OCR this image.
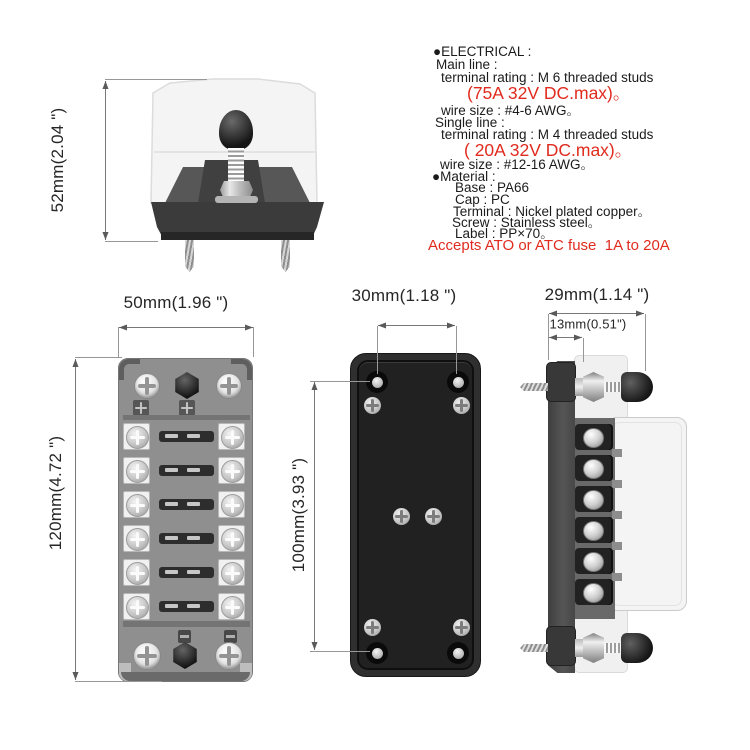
52mm(2.04 ")
50mm(1.96 ")
120mm(4.72 ")
30mm(1.18 ")
100mm(3.93 ")
29mm(1.14 ")
13mm(0.51")
●ELECTRICAL :
Main line :
terminal rating : M 6 threaded studs
(75A 32V DC.max)。
wire size : #4-6 AWG。
Single line :
terminal rating : M 4 threaded studs
( 20A 32V DC.max)。
wire size : #12-16 AWG。
●Material :
Base : PA66
Cap : PC
Terminal : Nickel plated copper。
Screw : Stainless steel。
Label : PP×70。
Accepts ATO or ATC fuse  1A to 20A
